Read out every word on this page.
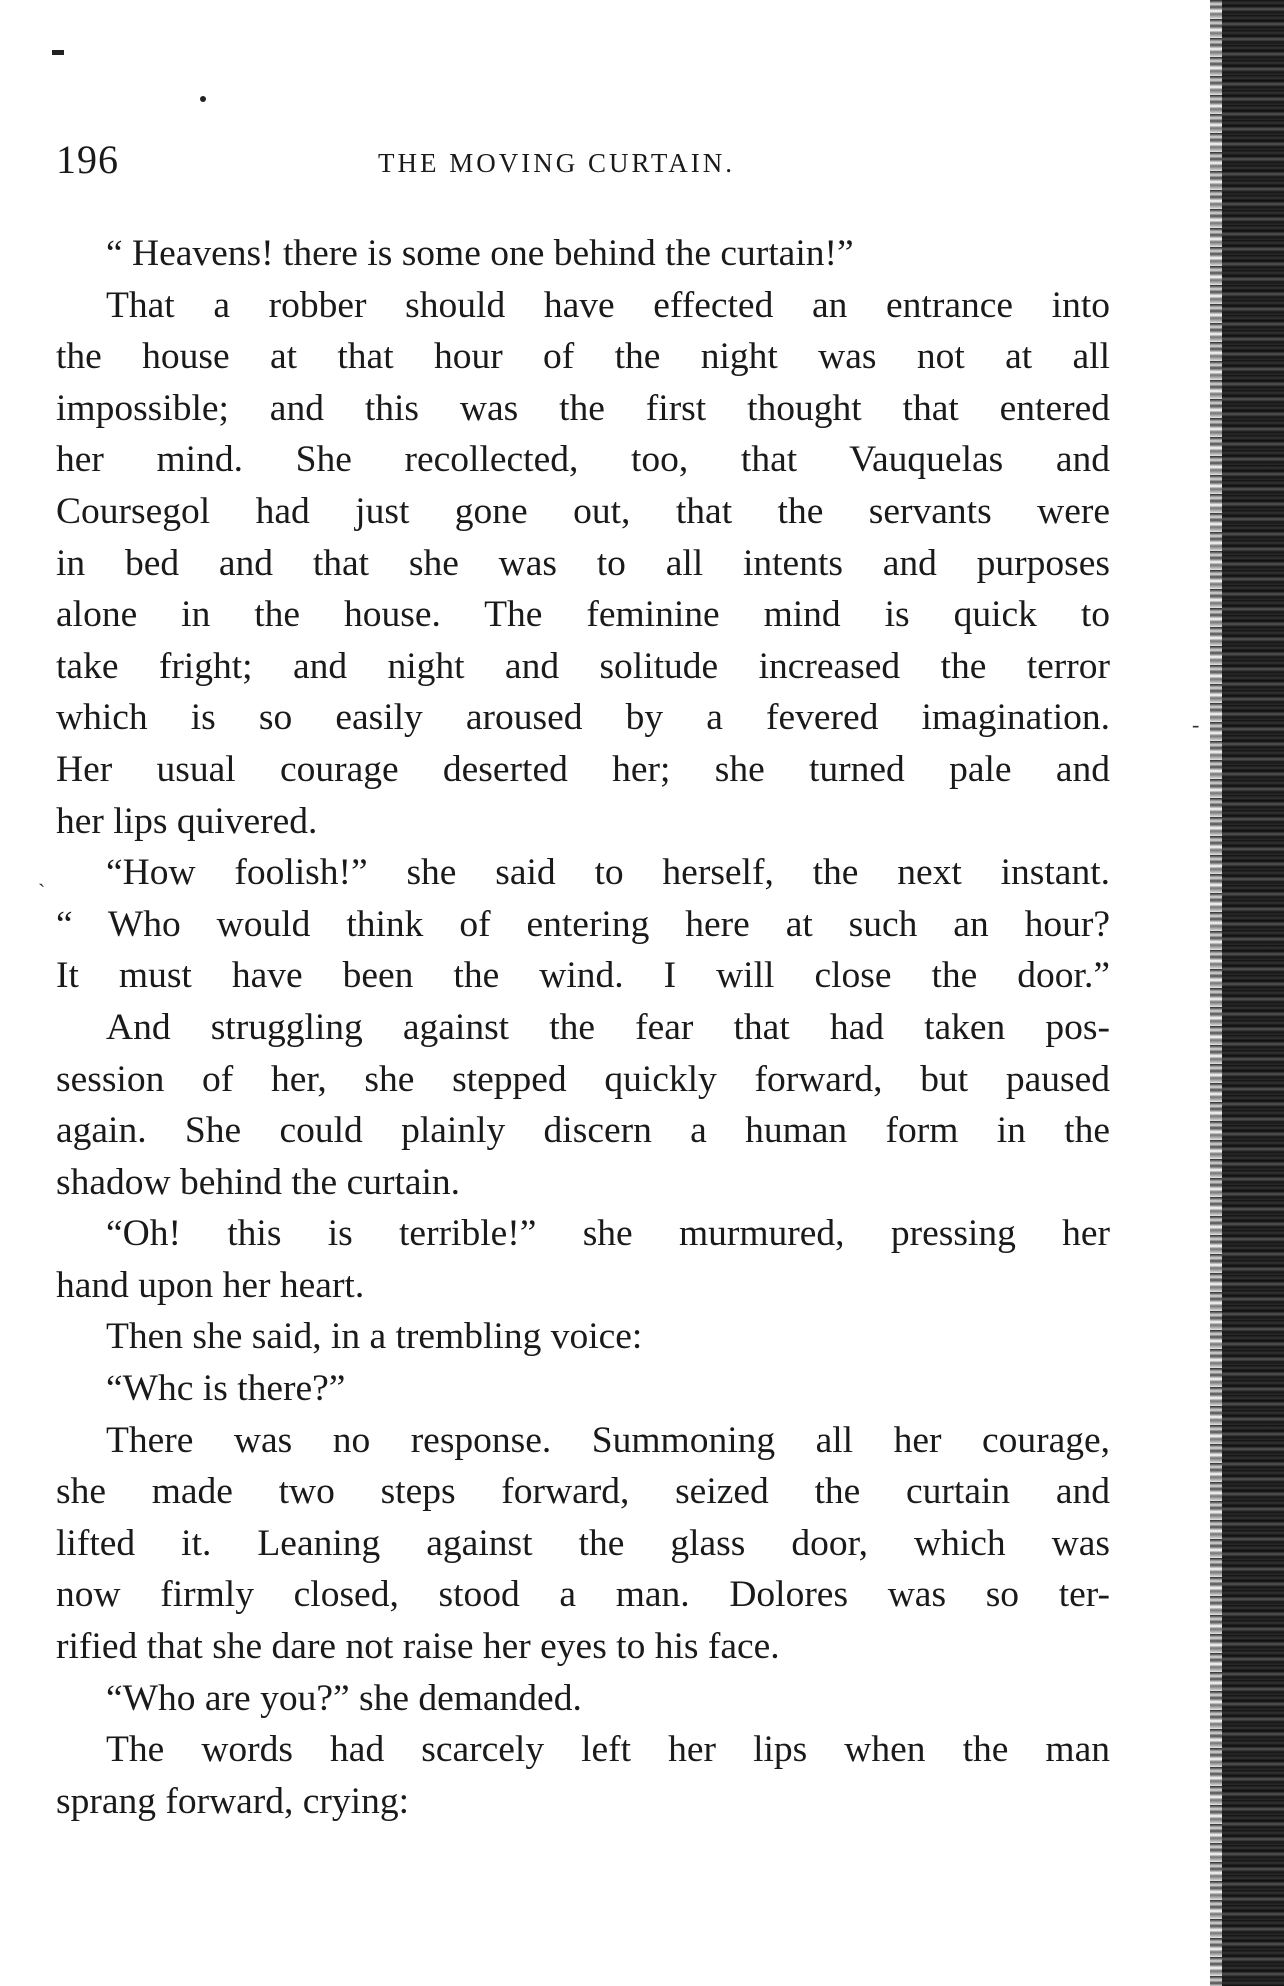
196	THE MOVING CURTAIN.
“ Heavens! there is some one behind the curtain!”
That a robber should have effected an entrance into
the house at that hour of the night was not at all
impossible; and this was the first thought that entered
her mind. She recollected, too, that Vauquelas and
Coursegol had just gone out, that the servants were
in bed and that she was to all intents and purposes
alone in the house. The feminine mind is quick to
take fright; and night and solitude increased the terror
which is so easily aroused by a fevered imagination.
Her usual courage deserted her; she turned pale and
her lips quivered.
“How foolish!” she said to herself, the next instant.
“ Who would think of entering here at such an hour?
It must have been the wind. I will close the door.”
And struggling against the fear that had taken pos-
session of her, she stepped quickly forward, but paused
again. She could plainly discern a human form in the
shadow behind the curtain.
“Oh! this is terrible!” she murmured, pressing her
hand upon her heart.
Then she said, in a trembling voice:
“Whc is there?”
There was no response. Summoning all her courage,
she made two steps forward, seized the curtain and
lifted it. Leaning against the glass door, which was
now firmly closed, stood a man. Dolores was so ter-
rified that she dare not raise her eyes to his face.
“Who are you?” she demanded.
The words had scarcely left her lips when the man
sprang forward, crying:
ˏ
-
